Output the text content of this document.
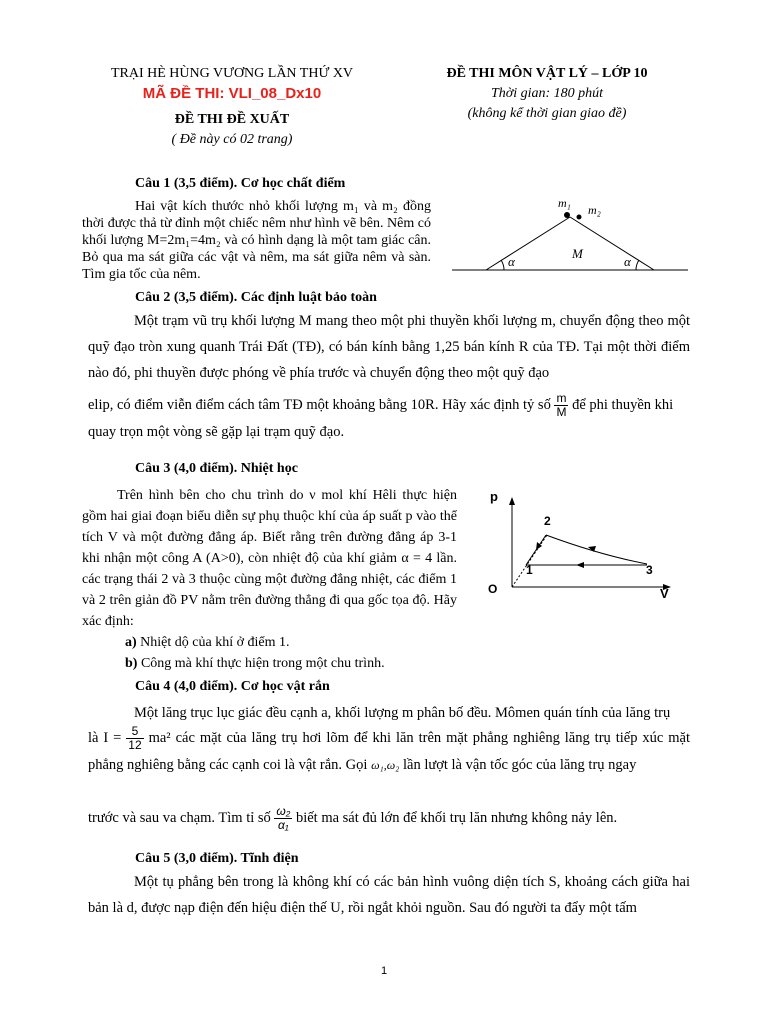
TRẠI HÈ HÙNG VƯƠNG LẦN THỨ XV
MÃ ĐỀ THI: VLI_08_Dx10
ĐỀ THI ĐỀ XUẤT
( Đề này có 02 trang)
ĐỀ THI MÔN VẬT LÝ – LỚP 10
Thời gian: 180 phút
(không kể thời gian giao đề)
Câu 1 (3,5 điểm). Cơ học chất điểm

Hai vật kích thước nhỏ khối lượng m₁ và m₂ đồng thời được thả từ đỉnh một chiếc nêm như hình vẽ bên. Nêm có khối lượng M=2m₁=4m₂ và có hình dạng là một tam giác cân. Bỏ qua ma sát giữa các vật và nêm, ma sát giữa nêm và sàn. Tìm gia tốc của nêm.

m₁ m₂
M
α	α
Câu 2 (3,5 điểm). Các định luật bảo toàn

Một trạm vũ trụ khối lượng M mang theo một phi thuyền khối lượng m, chuyển động theo một quỹ đạo tròn xung quanh Trái Đất (TĐ), có bán kính bằng 1,25 bán kính R của TĐ. Tại một thời điểm nào đó, phi thuyền được phóng về phía trước và chuyển động theo một quỹ đạo

elip, có điểm viễn điểm cách tâm TĐ một khoảng bằng 10R. Hãy xác định tỷ số $\frac{m}{M}$ để phi thuyền khi quay trọn một vòng sẽ gặp lại trạm quỹ đạo.
Câu 3 (4,0 điểm). Nhiệt học

Trên hình bên cho chu trình do ν mol khí Hêli thực hiện gồm hai giai đoạn biểu diễn sự phụ thuộc khí của áp suất p vào thể tích V và một đường đẳng áp. Biết rằng trên đường đẳng áp 3-1 khi nhận một công A (A>0), còn nhiệt độ của khí giảm α = 4 lần. các trạng thái 2 và 3 thuộc cùng một đường đẳng nhiệt, các điểm 1 và 2 trên giản đồ PV nằm trên đường thẳng đi qua gốc tọa độ. Hãy xác định:

a) Nhiệt dộ của khí ở điểm 1.
b) Công mà khí thực hiện trong một chu trình.
p
V
O
1
2
3
Câu 4 (4,0 điểm). Cơ học vật rắn

Một lăng trục lục giác đều cạnh a, khối lượng m phân bố đều. Mômen quán tính của lăng trụ

là $I = \frac{5}{12} ma^2$ các mặt của lăng trụ hơi lõm để khi lăn trên mặt phẳng nghiêng lăng trụ tiếp xúc mặt phẳng nghiêng bằng các cạnh coi là vật rắn. Gọi ω₁,ω₂ lần lượt là vận tốc góc của lăng trụ ngay
trước và sau va chạm. Tìm tỉ số $\frac{\text{ω₂}}{\text{α₁}}$ biết ma sát đủ lớn để khối trụ lăn nhưng không nảy lên.
Câu 5 (3,0 điểm). Tĩnh điện

Một tụ phẳng bên trong là không khí có các bản hình vuông diện tích S, khoảng cách giữa hai bản là d, được nạp điện đến hiệu điện thế U, rồi ngắt khỏi nguồn. Sau đó người ta đẩy một tấm

1
